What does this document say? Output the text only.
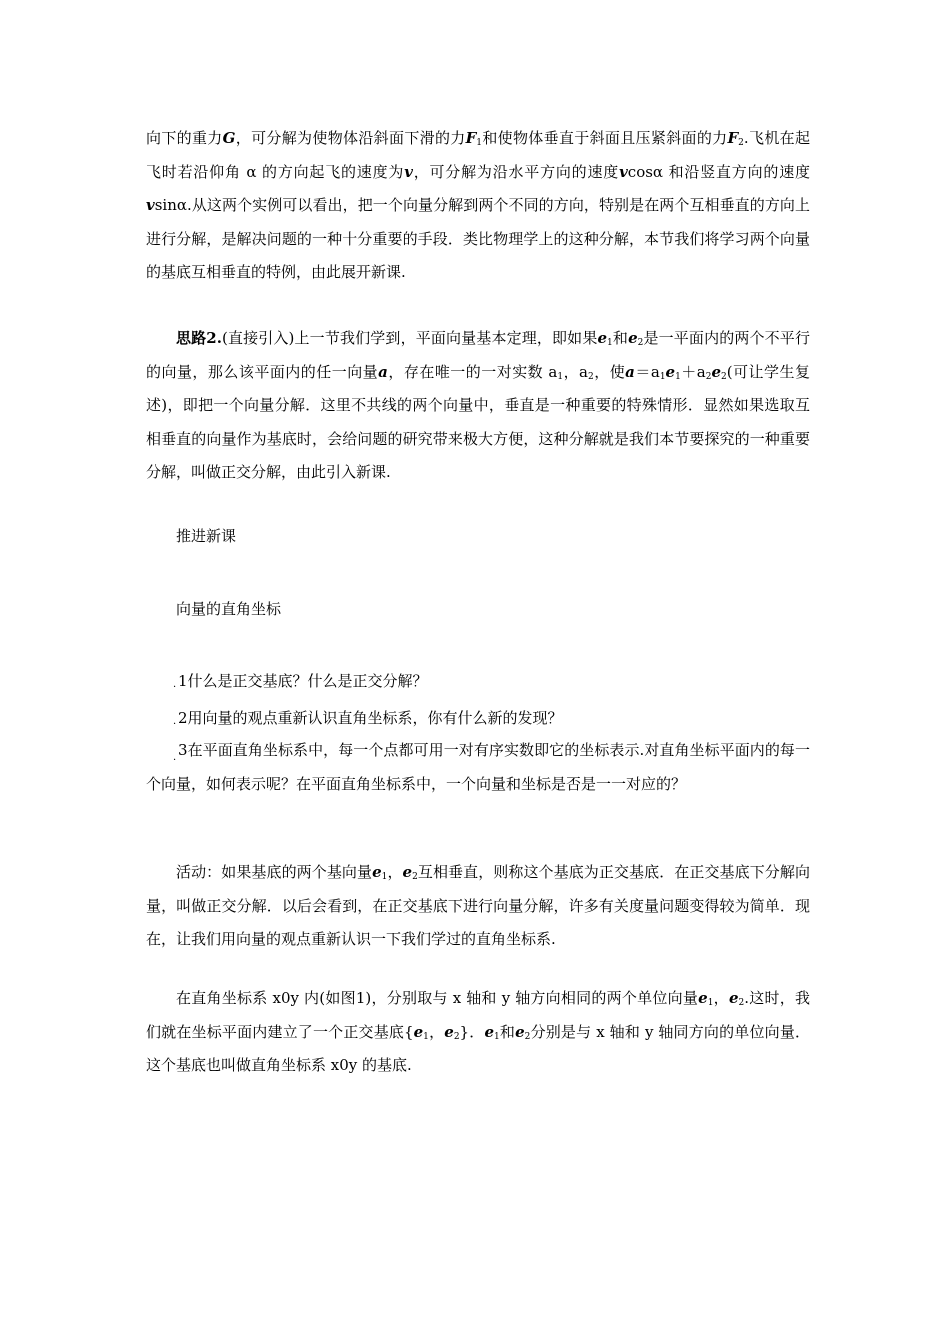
向下的重力G，可分解为使物体沿斜面下滑的力$F_1$和使物体垂直于斜面且压紧斜面的力$F_2$.飞机在起飞时若沿仰角 α 的方向起飞的速度为v，可分解为沿水平方向的速度vcosα 和沿竖直方向的速度vsinα.从这两个实例可以看出，把一个向量分解到两个不同的方向，特别是在两个互相垂直的方向上进行分解，是解决问题的一种十分重要的手段．类比物理学上的这种分解，本节我们将学习两个向量的基底互相垂直的特例，由此展开新课.

思路2.(直接引入)上一节我们学到，平面向量基本定理，即如果$e_1$和$e_2$是一平面内的两个不平行的向量，那么该平面内的任一向量a，存在唯一的一对实数 $a_1$，$a_2$，使$a=a_1e_1+a_2e_2$(可让学生复述)，即把一个向量分解．这里不共线的两个向量中，垂直是一种重要的特殊情形．显然如果选取互相垂直的向量作为基底时，会给问题的研究带来极大方便，这种分解就是我们本节要探究的一种重要分解，叫做正交分解，由此引入新课.

推进新课

向量的直角坐标

· 1什么是正交基底？什么是正交分解？

· 2用向量的观点重新认识直角坐标系，你有什么新的发现？

·

3在平面直角坐标系中，每一个点都可用一对有序实数即它的坐标表示.对直角坐标平面内的每一个向量，如何表示呢？在平面直角坐标系中，一个向量和坐标是否是一一对应的？

活动：如果基底的两个基向量$e_1$，$e_2$互相垂直，则称这个基底为正交基底．在正交基底下分解向量，叫做正交分解．以后会看到，在正交基底下进行向量分解，许多有关度量问题变得较为简单．现在，让我们用向量的观点重新认识一下我们学过的直角坐标系.

在直角坐标系 x0y 内(如图1)，分别取与 x 轴和 y 轴方向相同的两个单位向量$e_1$，$e_2$.这时，我们就在坐标平面内建立了一个正交基底{$e_1$，$e_2$}．$e_1$和$e_2$分别是与 x 轴和 y 轴同方向的单位向量．这个基底也叫做直角坐标系 x0y 的基底.
